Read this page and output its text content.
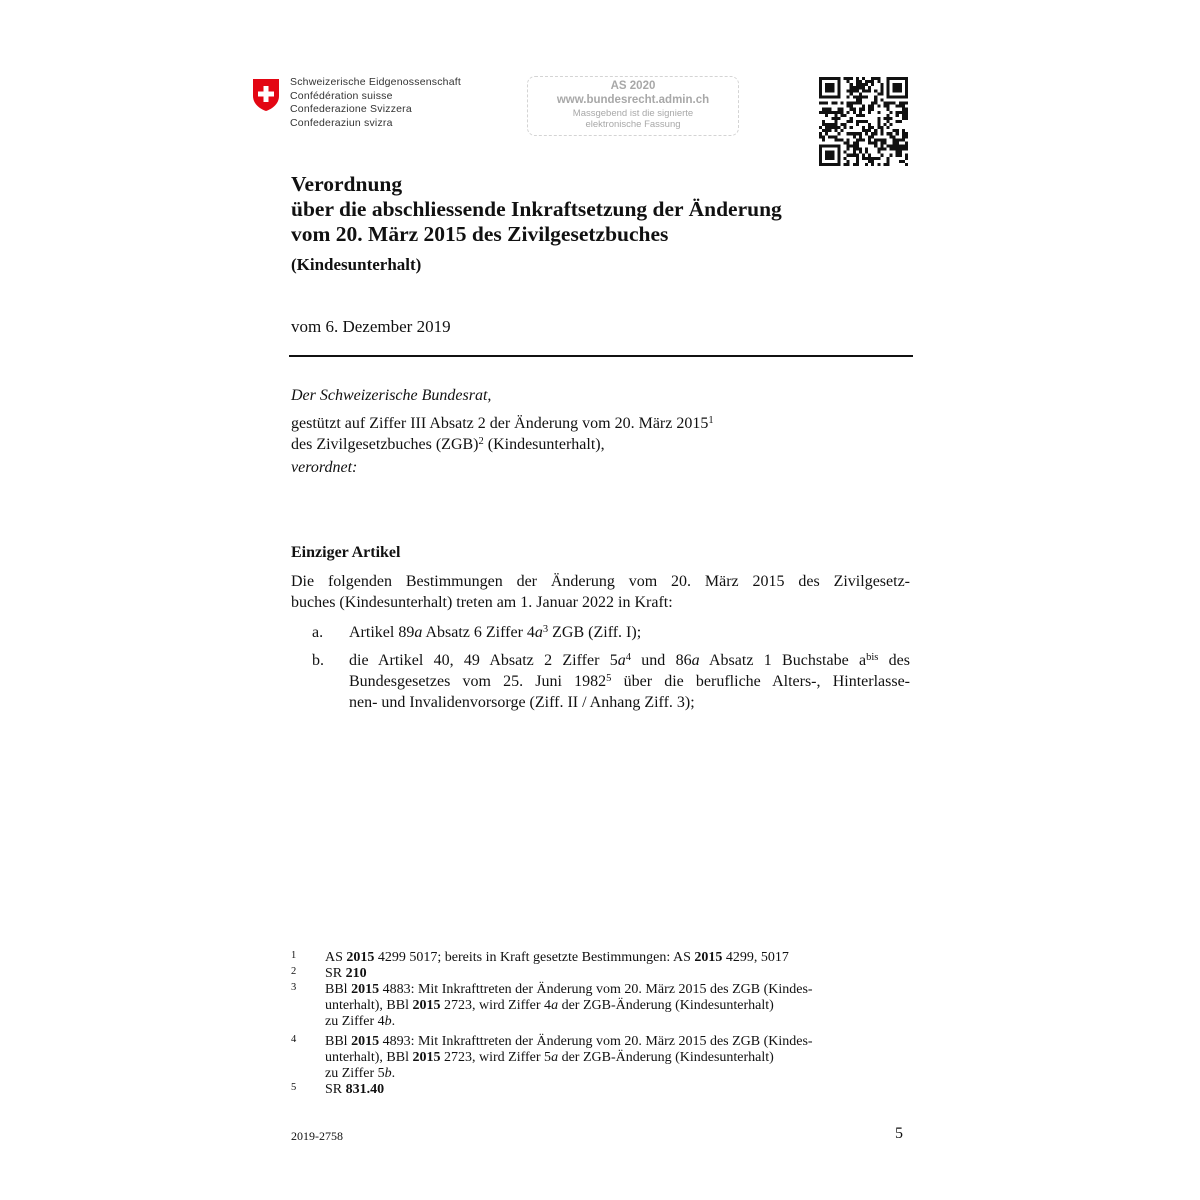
Schweizerische Eidgenossenschaft
Confédération suisse
Confederazione Svizzera
Confederaziun svizra
AS 2020
www.bundesrecht.admin.ch
Massgebend ist die signierte
elektronische Fassung
Verordnung
über die abschliessende Inkraftsetzung der Änderung
vom 20. März 2015 des Zivilgesetzbuches
(Kindesunterhalt)
vom 6. Dezember 2019
Der Schweizerische Bundesrat,
gestützt auf Ziffer III Absatz 2 der Änderung vom 20. März 2015$^1$
des Zivilgesetzbuches (ZGB)$^2$ (Kindesunterhalt),
verordnet:
Einziger Artikel
Die folgenden Bestimmungen der Änderung vom 20. März 2015 des Zivilgesetz-
buches (Kindesunterhalt) treten am 1. Januar 2022 in Kraft:
a. Artikel 89a Absatz 6 Ziffer $4a^3$ ZGB (Ziff. I);
b. die Artikel 40, 49 Absatz 2 Ziffer $5a^4$ und 86a Absatz 1 Buchstabe $a^{bis}$ des
Bundesgesetzes vom 25. Juni 1982$^5$ über die berufliche Alters-, Hinterlasse-
nen- und Invalidenvorsorge (Ziff. II / Anhang Ziff. 3);
1 AS 2015 4299 5017; bereits in Kraft gesetzte Bestimmungen: AS 2015 4299, 5017
2 SR 210
3 BBl 2015 4883: Mit Inkrafttreten der Änderung vom 20. März 2015 des ZGB (Kindes-
unterhalt), BBl 2015 2723, wird Ziffer 4a der ZGB-Änderung (Kindesunterhalt)
zu Ziffer 4b.
4 BBl 2015 4893: Mit Inkrafttreten der Änderung vom 20. März 2015 des ZGB (Kindes-
unterhalt), BBl 2015 2723, wird Ziffer 5a der ZGB-Änderung (Kindesunterhalt)
zu Ziffer 5b.
5 SR 831.40
2019-2758	5
